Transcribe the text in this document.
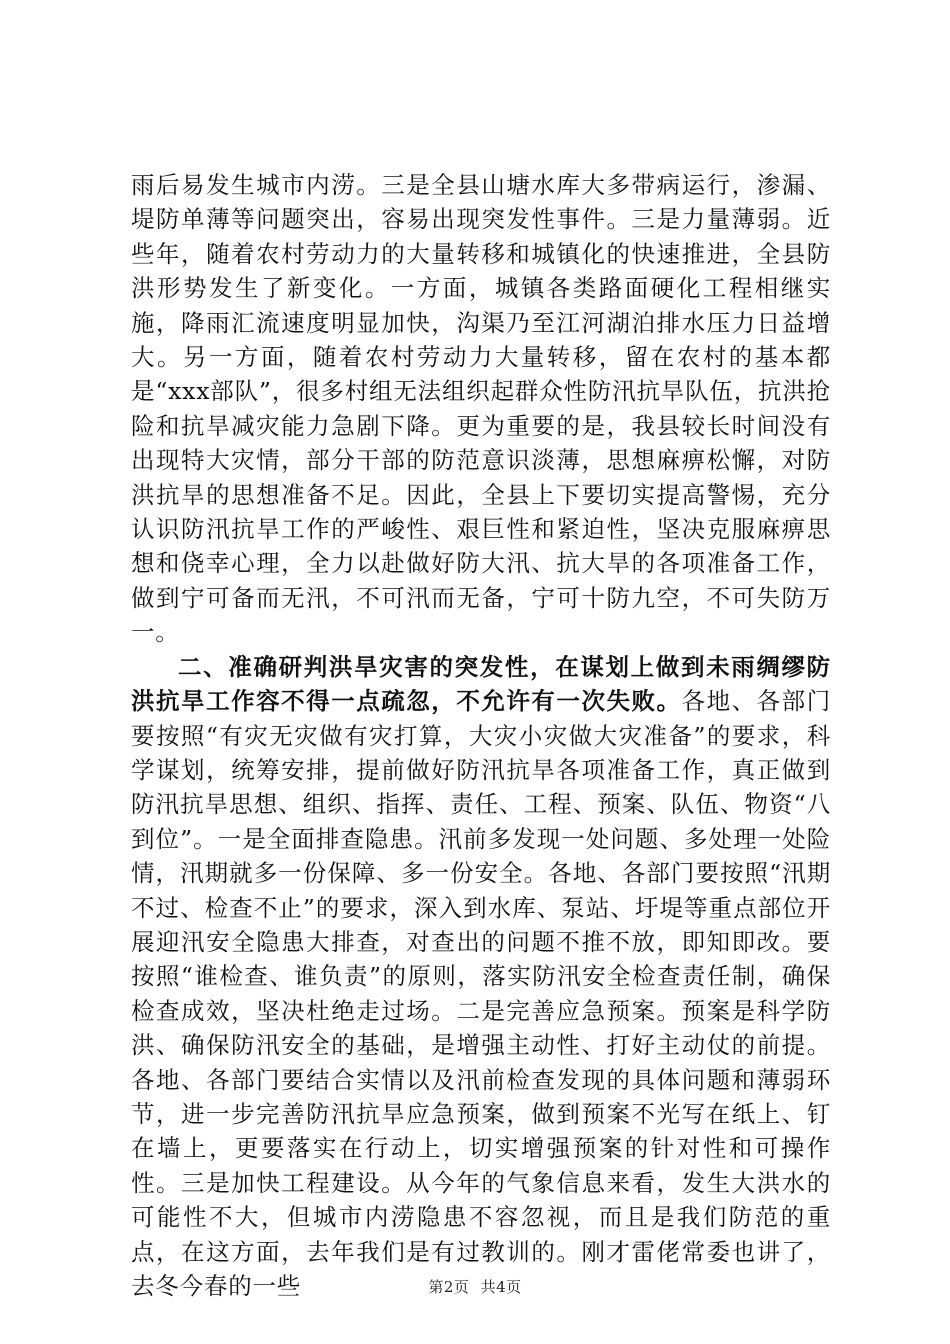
雨后易发生城市内涝。三是全县山塘水库大多带病运行，渗漏、堤防单薄等问题突出，容易出现突发性事件。三是力量薄弱。近些年，随着农村劳动力的大量转移和城镇化的快速推进，全县防洪形势发生了新变化。一方面，城镇各类路面硬化工程相继实施，降雨汇流速度明显加快，沟渠乃至江河湖泊排水压力日益增大。另一方面，随着农村劳动力大量转移，留在农村的基本都是“xxx部队”，很多村组无法组织起群众性防汛抗旱队伍，抗洪抢险和抗旱减灾能力急剧下降。更为重要的是，我县较长时间没有出现特大灾情，部分干部的防范意识淡薄，思想麻痹松懈，对防洪抗旱的思想准备不足。因此，全县上下要切实提高警惕，充分认识防汛抗旱工作的严峻性、艰巨性和紧迫性，坚决克服麻痹思想和侥幸心理，全力以赴做好防大汛、抗大旱的各项准备工作，做到宁可备而无汛，不可汛而无备，宁可十防九空，不可失防万一。

二、准确研判洪旱灾害的突发性，在谋划上做到未雨绸缪防洪抗旱工作容不得一点疏忽，不允许有一次失败。各地、各部门要按照“有灾无灾做有灾打算，大灾小灾做大灾准备”的要求，科学谋划，统筹安排，提前做好防汛抗旱各项准备工作，真正做到防汛抗旱思想、组织、指挥、责任、工程、预案、队伍、物资“八到位”。一是全面排查隐患。汛前多发现一处问题、多处理一处险情，汛期就多一份保障、多一份安全。各地、各部门要按照“汛期不过、检查不止”的要求，深入到水库、泵站、圩堤等重点部位开展迎汛安全隐患大排查，对查出的问题不推不放，即知即改。要按照“谁检查、谁负责”的原则，落实防汛安全检查责任制，确保检查成效，坚决杜绝走过场。二是完善应急预案。预案是科学防洪、确保防汛安全的基础，是增强主动性、打好主动仗的前提。各地、各部门要结合实情以及汛前检查发现的具体问题和薄弱环节，进一步完善防汛抗旱应急预案，做到预案不光写在纸上、钉在墙上，更要落实在行动上，切实增强预案的针对性和可操作性。三是加快工程建设。从今年的气象信息来看，发生大洪水的可能性不大，但城市内涝隐患不容忽视，而且是我们防范的重点，在这方面，去年我们是有过教训的。刚才雷佬常委也讲了，去冬今春的一些	第2页 共4页
